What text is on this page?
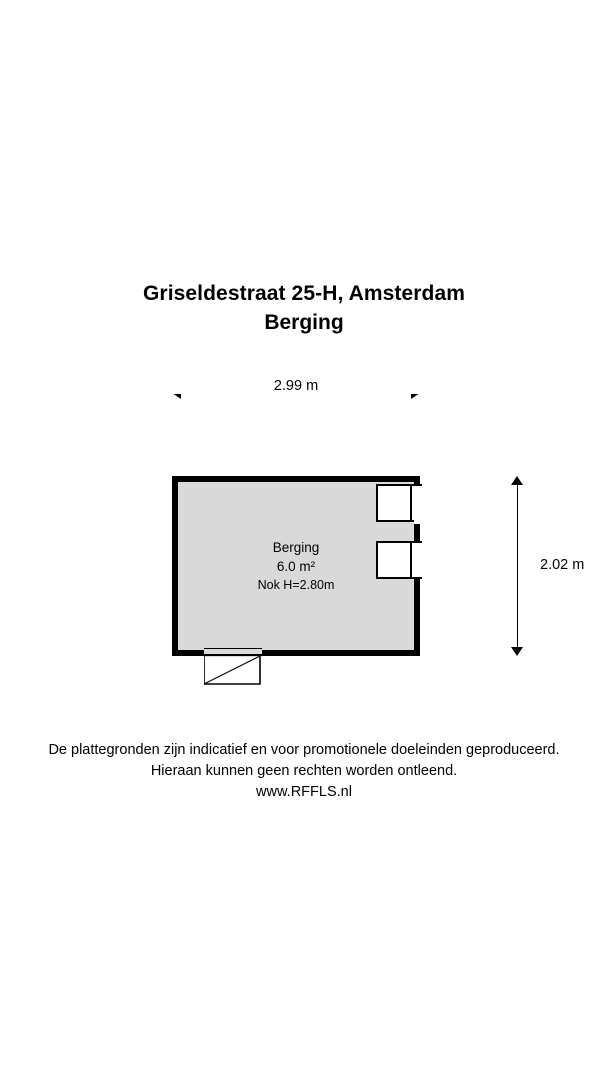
Griseldestraat 25-H, Amsterdam
Berging
2.99 m
2.02 m
Berging
6.0 m²
Nok H=2.80m
De plattegronden zijn indicatief en voor promotionele doeleinden geproduceerd.
Hieraan kunnen geen rechten worden ontleend.
www.RFFLS.nl
